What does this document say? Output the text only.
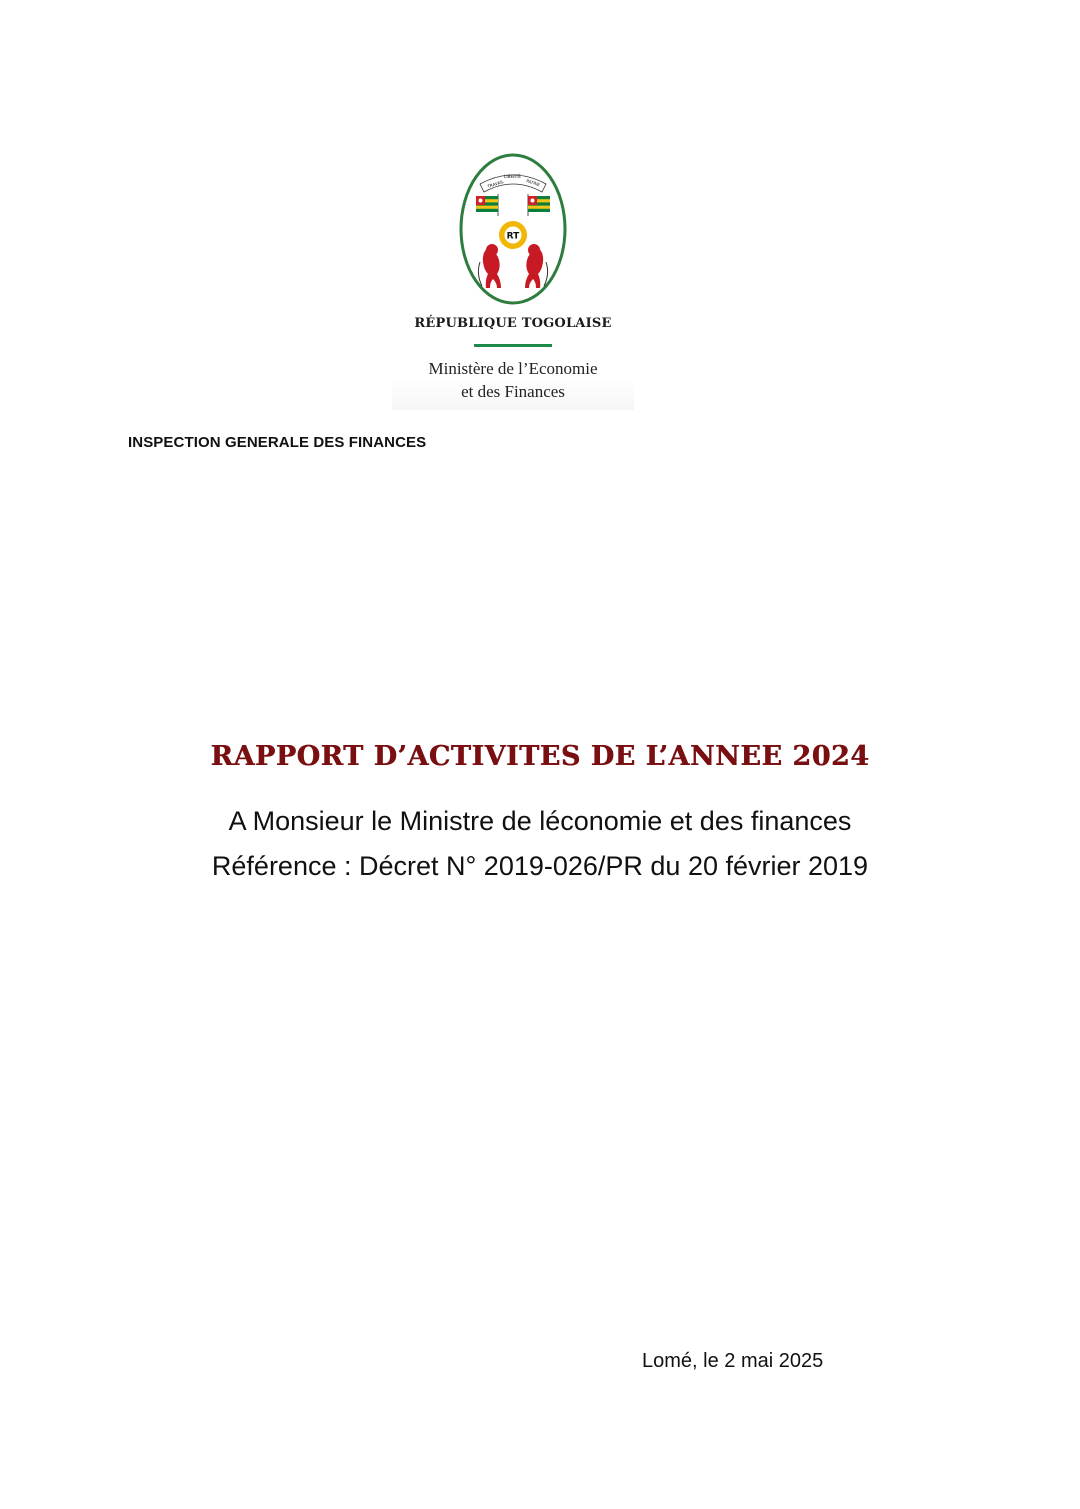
TRAVAIL
LIBERTÉ
PATRIE
RT
RÉPUBLIQUE TOGOLAISE
Ministère de l’Economie
et des Finances
INSPECTION GENERALE DES FINANCES
RAPPORT D’ACTIVITES DE L’ANNEE 2024
A Monsieur le Ministre de léconomie et des finances
Référence : Décret N° 2019-026/PR du 20 février 2019
Lomé, le 2 mai 2025
